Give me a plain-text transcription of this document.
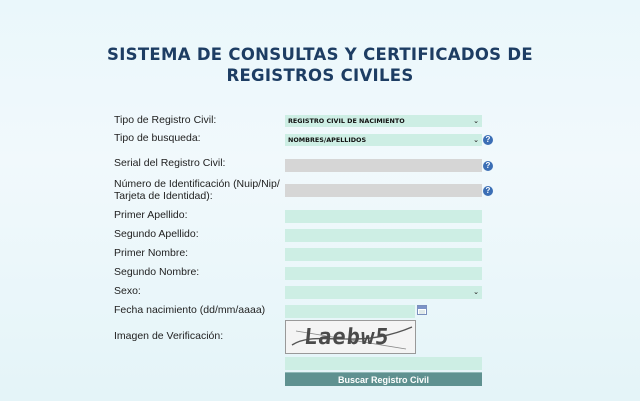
SISTEMA DE CONSULTAS Y CERTIFICADOS DE
REGISTROS CIVILES
Tipo de Registro Civil:	REGISTRO CIVIL DE NACIMIENTO	⌄
Tipo de busqueda:	NOMBRES/APELLIDOS	⌄ ?
Serial del Registro Civil:	?
Número de Identificación (Nuip/Nip/
Tarjeta de Identidad):	?
Primer Apellido:
Segundo Apellido:
Primer Nombre:
Segundo Nombre:
Sexo:	⌄
Fecha nacimiento (dd/mm/aaaa)
Imagen de Verificación:	Laebw5
Buscar Registro Civil
